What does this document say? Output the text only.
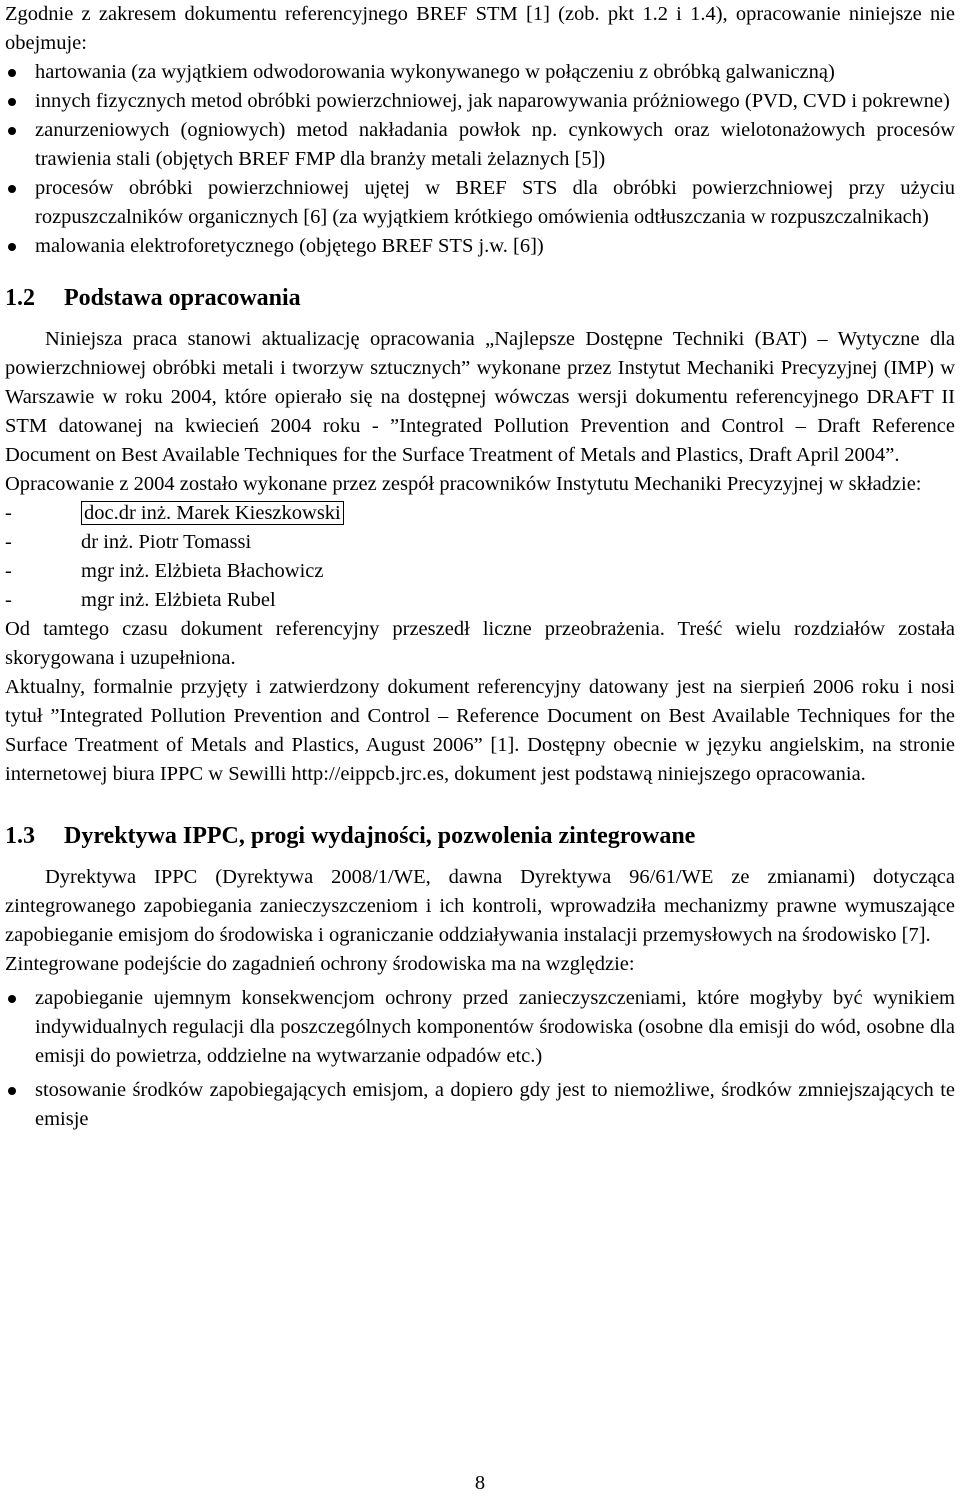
Zgodnie z zakresem dokumentu referencyjnego BREF STM [1] (zob. pkt 1.2 i 1.4), opracowanie niniejsze nie obejmuje:

hartowania (za wyjątkiem odwodorowania wykonywanego w połączeniu z obróbką galwaniczną)
innych fizycznych metod obróbki powierzchniowej, jak naparowywania próżniowego (PVD, CVD i pokrewne)
zanurzeniowych (ogniowych) metod nakładania powłok np. cynkowych oraz wielotonażowych procesów trawienia stali (objętych BREF FMP dla branży metali żelaznych [5])
procesów obróbki powierzchniowej ujętej w BREF STS dla obróbki powierzchniowej przy użyciu rozpuszczalników organicznych [6] (za wyjątkiem krótkiego omówienia odtłuszczania w rozpuszczalnikach)
malowania elektroforetycznego (objętego BREF STS j.w. [6])
1.2 Podstawa opracowania

Niniejsza praca stanowi aktualizację opracowania „Najlepsze Dostępne Techniki (BAT) – Wytyczne dla powierzchniowej obróbki metali i tworzyw sztucznych” wykonane przez Instytut Mechaniki Precyzyjnej (IMP) w Warszawie w roku 2004, które opierało się na dostępnej wówczas wersji dokumentu referencyjnego DRAFT II STM datowanej na kwiecień 2004 roku - ”Integrated Pollution Prevention and Control – Draft Reference Document on Best Available Techniques for the Surface Treatment of Metals and Plastics, Draft April 2004”.

Opracowanie z 2004 zostało wykonane przez zespół pracowników Instytutu Mechaniki Precyzyjnej w składzie:

-	doc.dr inż. Marek Kieszkowski
-	dr inż. Piotr Tomassi
-	mgr inż. Elżbieta Błachowicz
-	mgr inż. Elżbieta Rubel

Od tamtego czasu dokument referencyjny przeszedł liczne przeobrażenia. Treść wielu rozdziałów została skorygowana i uzupełniona.

Aktualny, formalnie przyjęty i zatwierdzony dokument referencyjny datowany jest na sierpień 2006 roku i nosi tytuł ”Integrated Pollution Prevention and Control – Reference Document on Best Available Techniques for the Surface Treatment of Metals and Plastics, August 2006” [1]. Dostępny obecnie w języku angielskim, na stronie internetowej biura IPPC w Sewilli http://eippcb.jrc.es, dokument jest podstawą niniejszego opracowania.

1.3 Dyrektywa IPPC, progi wydajności, pozwolenia zintegrowane

Dyrektywa IPPC (Dyrektywa 2008/1/WE, dawna Dyrektywa 96/61/WE ze zmianami) dotycząca zintegrowanego zapobiegania zanieczyszczeniom i ich kontroli, wprowadziła mechanizmy prawne wymuszające zapobieganie emisjom do środowiska i ograniczanie oddziaływania instalacji przemysłowych na środowisko [7].

Zintegrowane podejście do zagadnień ochrony środowiska ma na względzie:

zapobieganie ujemnym konsekwencjom ochrony przed zanieczyszczeniami, które mogłyby być wynikiem indywidualnych regulacji dla poszczególnych komponentów środowiska (osobne dla emisji do wód, osobne dla emisji do powietrza, oddzielne na wytwarzanie odpadów etc.)
stosowanie środków zapobiegających emisjom, a dopiero gdy jest to niemożliwe, środków zmniejszających te emisje
8
